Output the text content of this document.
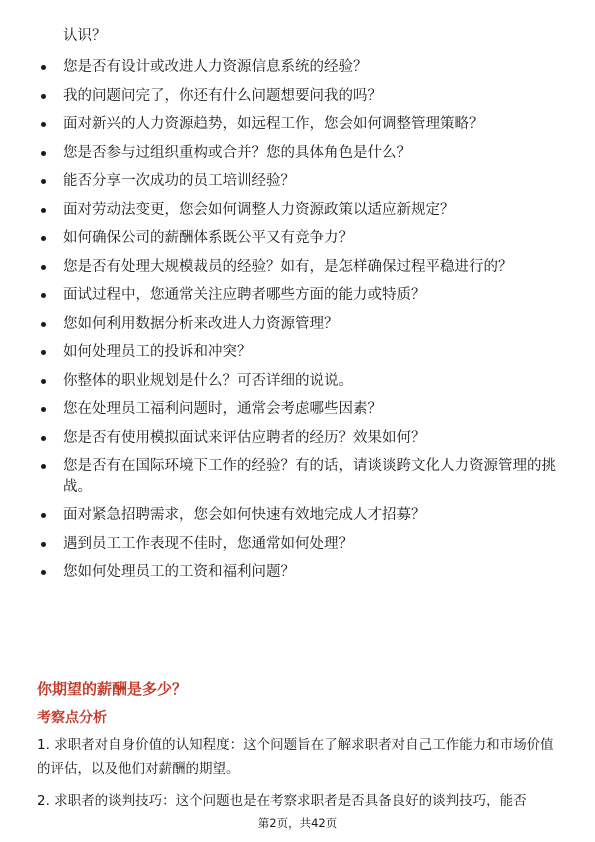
认识？

您是否有设计或改进人力资源信息系统的经验？
我的问题问完了，你还有什么问题想要问我的吗？
面对新兴的人力资源趋势，如远程工作，您会如何调整管理策略？
您是否参与过组织重构或合并？您的具体角色是什么？
能否分享一次成功的员工培训经验？
面对劳动法变更，您会如何调整人力资源政策以适应新规定？
如何确保公司的薪酬体系既公平又有竞争力？
您是否有处理大规模裁员的经验？如有，是怎样确保过程平稳进行的？
面试过程中，您通常关注应聘者哪些方面的能力或特质？
您如何利用数据分析来改进人力资源管理？
如何处理员工的投诉和冲突？
你整体的职业规划是什么？可否详细的说说。
您在处理员工福利问题时，通常会考虑哪些因素？
您是否有使用模拟面试来评估应聘者的经历？效果如何？
您是否有在国际环境下工作的经验？有的话，请谈谈跨文化人力资源管理的挑战。
面对紧急招聘需求，您会如何快速有效地完成人才招募？
遇到员工工作表现不佳时，您通常如何处理？
您如何处理员工的工资和福利问题？
你期望的薪酬是多少？
考察点分析

1. 求职者对自身价值的认知程度：这个问题旨在了解求职者对自己工作能力和市场价值的评估，以及他们对薪酬的期望。

2. 求职者的谈判技巧：这个问题也是在考察求职者是否具备良好的谈判技巧，能否

第2页，共42页
